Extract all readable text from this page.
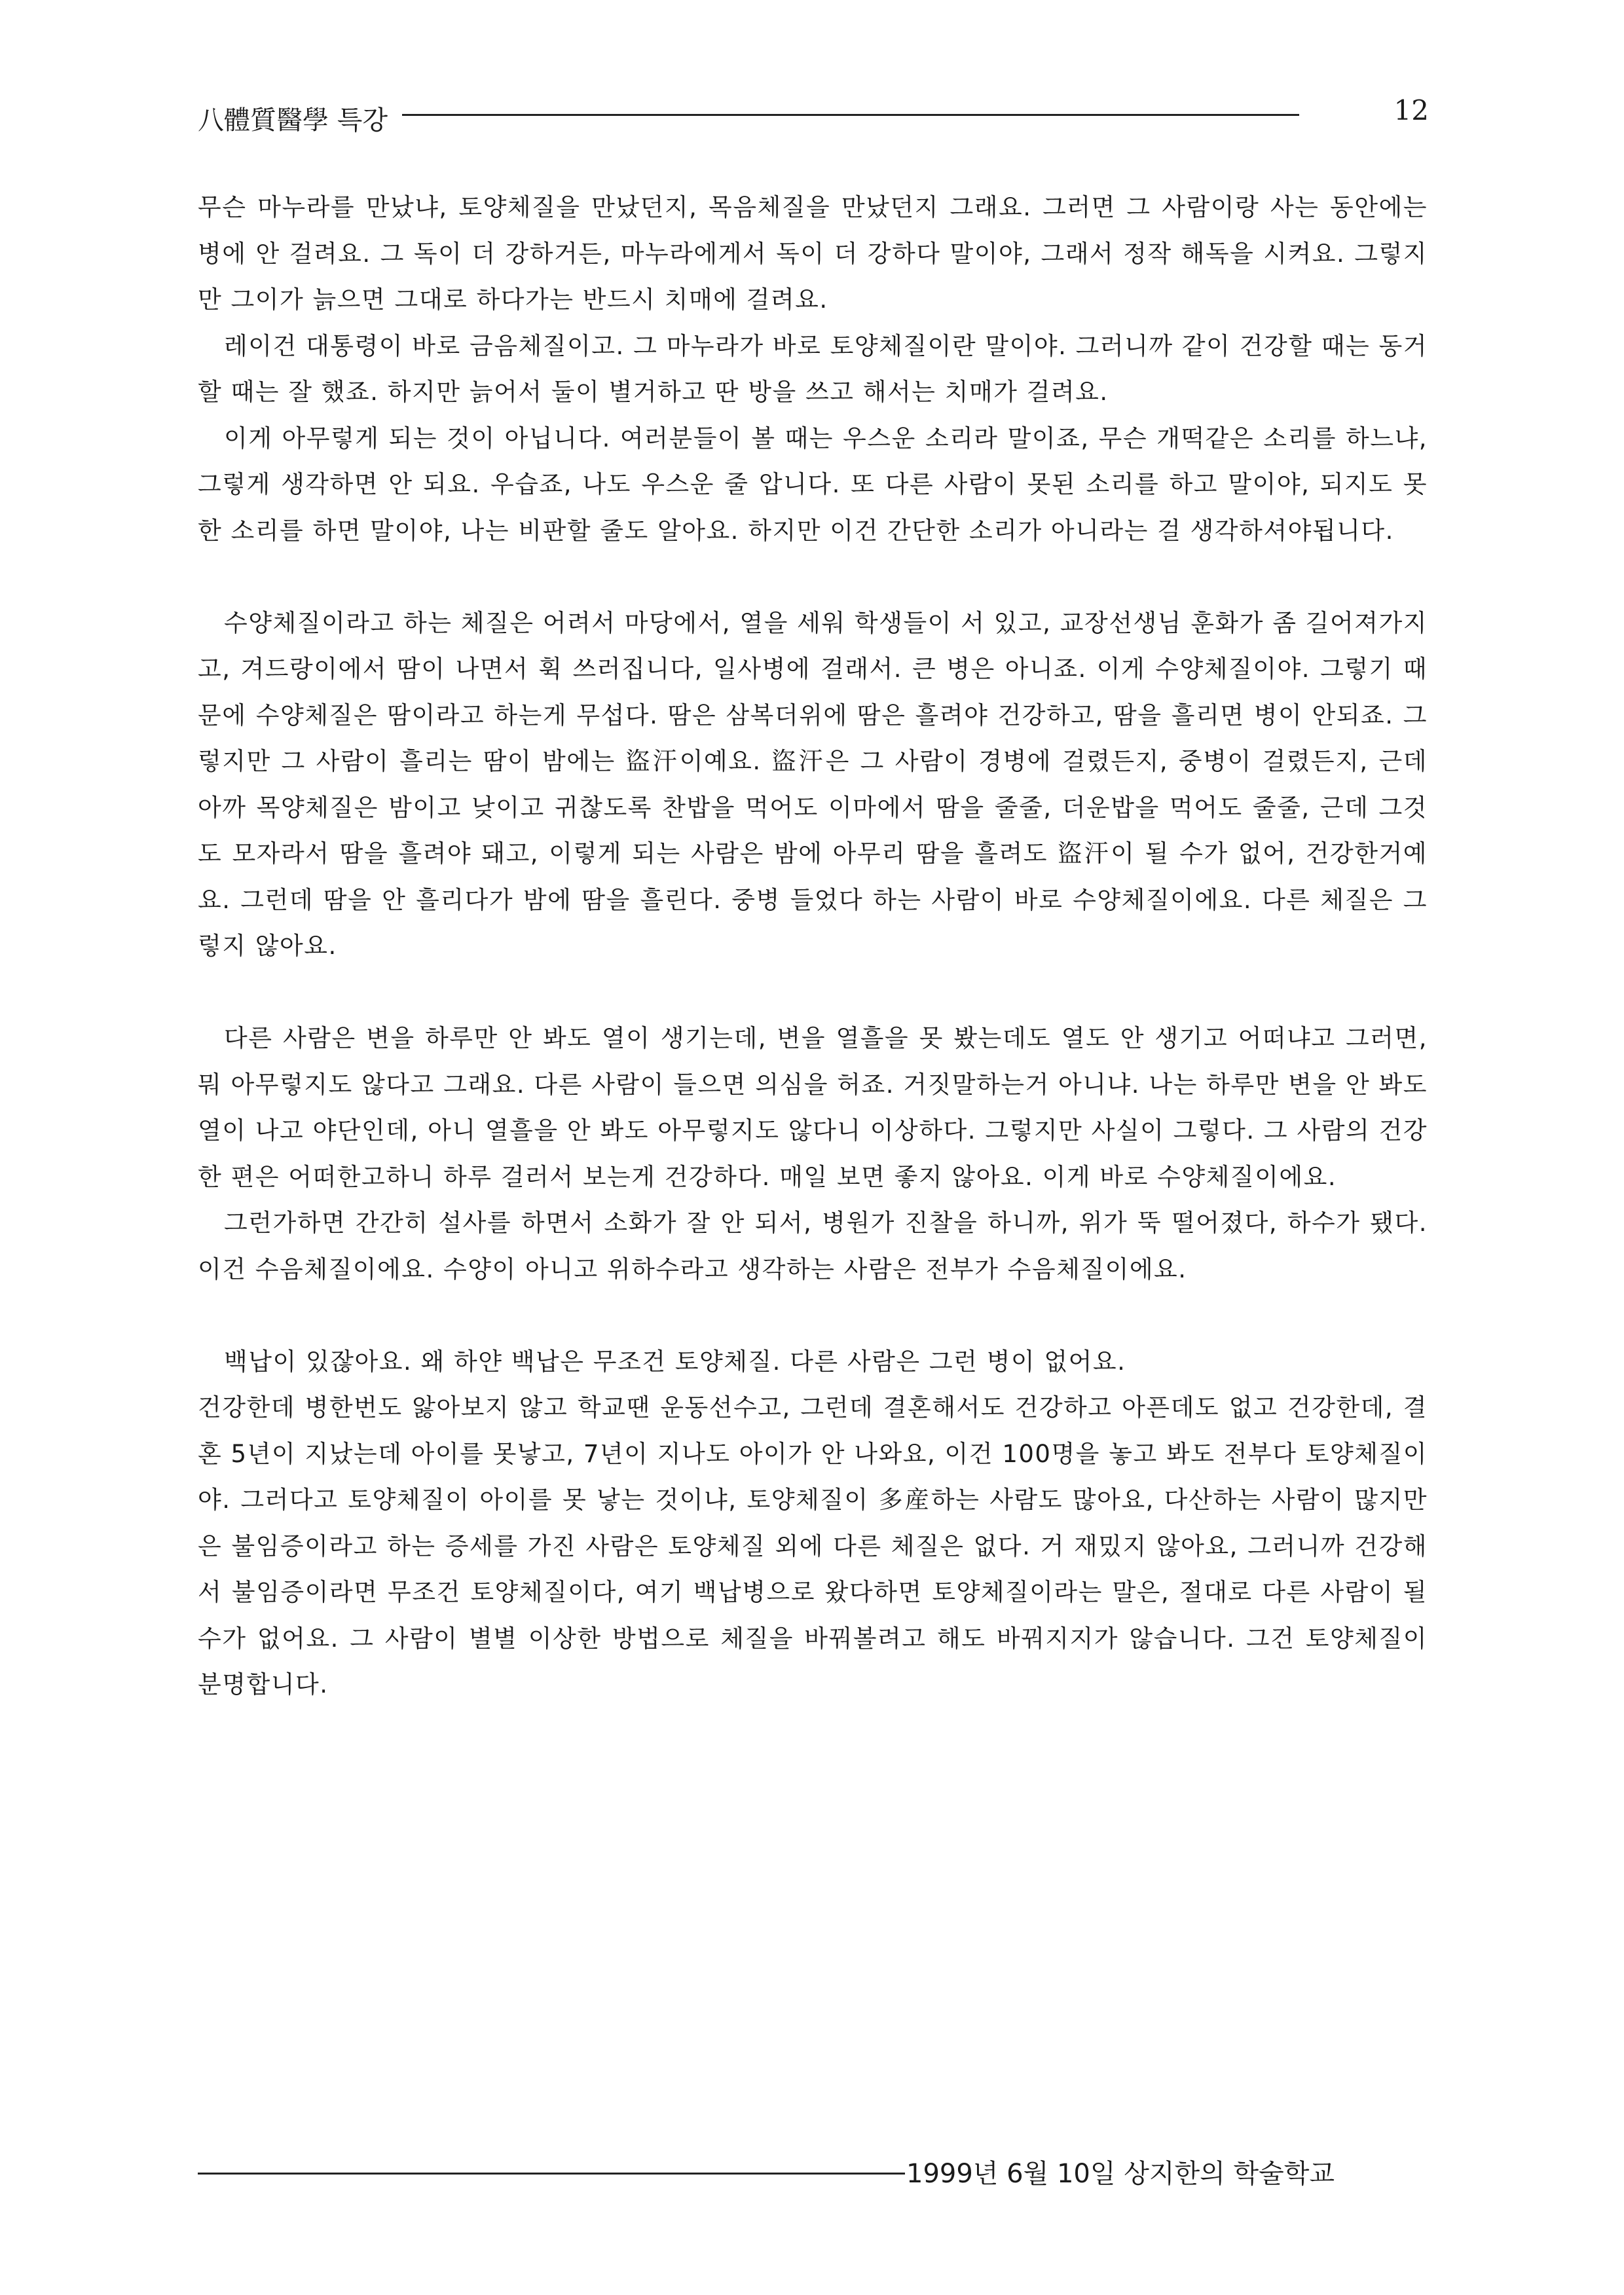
八體質醫學 특강	12

무슨 마누라를 만났냐, 토양체질을 만났던지, 목음체질을 만났던지 그래요. 그러면 그 사람이랑 사는 동안에는 병에 안 걸려요. 그 독이 더 강하거든, 마누라에게서 독이 더 강하다 말이야, 그래서 정작 해독을 시켜요. 그렇지만 그이가 늙으면 그대로 하다가는 반드시 치매에 걸려요.

레이건 대통령이 바로 금음체질이고. 그 마누라가 바로 토양체질이란 말이야. 그러니까 같이 건강할 때는 동거할 때는 잘 했죠. 하지만 늙어서 둘이 별거하고 딴 방을 쓰고 해서는 치매가 걸려요.

이게 아무렇게 되는 것이 아닙니다. 여러분들이 볼 때는 우스운 소리라 말이죠, 무슨 개떡같은 소리를 하느냐, 그렇게 생각하면 안 되요. 우습죠, 나도 우스운 줄 압니다. 또 다른 사람이 못된 소리를 하고 말이야, 되지도 못한 소리를 하면 말이야, 나는 비판할 줄도 알아요. 하지만 이건 간단한 소리가 아니라는 걸 생각하셔야됩니다.

수양체질이라고 하는 체질은 어려서 마당에서, 열을 세워 학생들이 서 있고, 교장선생님 훈화가 좀 길어져가지고, 겨드랑이에서 땀이 나면서 휙 쓰러집니다, 일사병에 걸래서. 큰 병은 아니죠. 이게 수양체질이야. 그렇기 때문에 수양체질은 땀이라고 하는게 무섭다. 땀은 삼복더위에 땀은 흘려야 건강하고, 땀을 흘리면 병이 안되죠. 그렇지만 그 사람이 흘리는 땀이 밤에는 盜汗이예요. 盜汗은 그 사람이 경병에 걸렸든지, 중병이 걸렸든지, 근데 아까 목양체질은 밤이고 낮이고 귀찮도록 찬밥을 먹어도 이마에서 땀을 줄줄, 더운밥을 먹어도 줄줄, 근데 그것도 모자라서 땀을 흘려야 돼고, 이렇게 되는 사람은 밤에 아무리 땀을 흘려도 盜汗이 될 수가 없어, 건강한거예요. 그런데 땀을 안 흘리다가 밤에 땀을 흘린다. 중병 들었다 하는 사람이 바로 수양체질이에요. 다른 체질은 그렇지 않아요.

다른 사람은 변을 하루만 안 봐도 열이 생기는데, 변을 열흘을 못 봤는데도 열도 안 생기고 어떠냐고 그러면, 뭐 아무렇지도 않다고 그래요. 다른 사람이 들으면 의심을 허죠. 거짓말하는거 아니냐. 나는 하루만 변을 안 봐도 열이 나고 야단인데, 아니 열흘을 안 봐도 아무렇지도 않다니 이상하다. 그렇지만 사실이 그렇다. 그 사람의 건강한 편은 어떠한고하니 하루 걸러서 보는게 건강하다. 매일 보면 좋지 않아요. 이게 바로 수양체질이에요.

그런가하면 간간히 설사를 하면서 소화가 잘 안 되서, 병원가 진찰을 하니까, 위가 뚝 떨어졌다, 하수가 됐다. 이건 수음체질이에요. 수양이 아니고 위하수라고 생각하는 사람은 전부가 수음체질이에요.

백납이 있잖아요. 왜 하얀 백납은 무조건 토양체질. 다른 사람은 그런 병이 없어요.

건강한데 병한번도 앓아보지 않고 학교땐 운동선수고, 그런데 결혼해서도 건강하고 아픈데도 없고 건강한데, 결혼 5년이 지났는데 아이를 못낳고, 7년이 지나도 아이가 안 나와요, 이건 100명을 놓고 봐도 전부다 토양체질이야. 그러다고 토양체질이 아이를 못 낳는 것이냐, 토양체질이 多産하는 사람도 많아요, 다산하는 사람이 많지만은 불임증이라고 하는 증세를 가진 사람은 토양체질 외에 다른 체질은 없다. 거 재밌지 않아요, 그러니까 건강해서 불임증이라면 무조건 토양체질이다, 여기 백납병으로 왔다하면 토양체질이라는 말은, 절대로 다른 사람이 될 수가 없어요. 그 사람이 별별 이상한 방법으로 체질을 바꿔볼려고 해도 바꿔지지가 않습니다. 그건 토양체질이 분명합니다.

1999년 6월 10일 상지한의 학술학교
